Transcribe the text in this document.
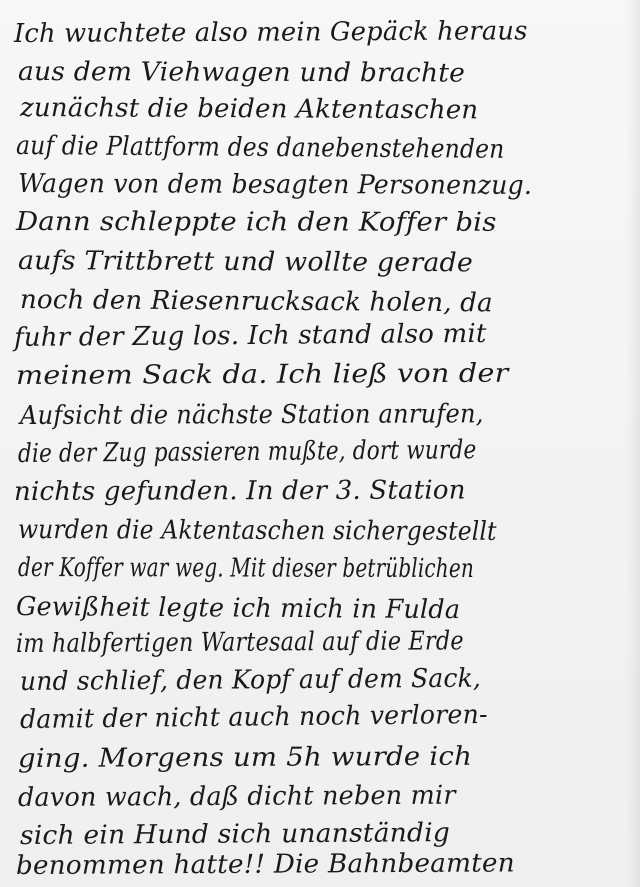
Ich wuchtete also mein Gepäck heraus
aus dem Viehwagen und brachte
zunächst die beiden Aktentaschen
auf die Plattform des danebenstehenden
Wagen von dem besagten Personenzug.
Dann schleppte ich den Koffer bis
aufs Trittbrett und wollte gerade
noch den Riesenrucksack holen, da
fuhr der Zug los. Ich stand also mit
meinem Sack da. Ich ließ von der
Aufsicht die nächste Station anrufen,
die der Zug passieren mußte, dort wurde
nichts gefunden. In der 3. Station
wurden die Aktentaschen sichergestellt
der Koffer war weg. Mit dieser betrüblichen
Gewißheit legte ich mich in Fulda
im halbfertigen Wartesaal auf die Erde
und schlief, den Kopf auf dem Sack,
damit der nicht auch noch verloren-
ging. Morgens um 5h wurde ich
davon wach, daß dicht neben mir
sich ein Hund sich unanständig
benommen hatte!! Die Bahnbeamten
